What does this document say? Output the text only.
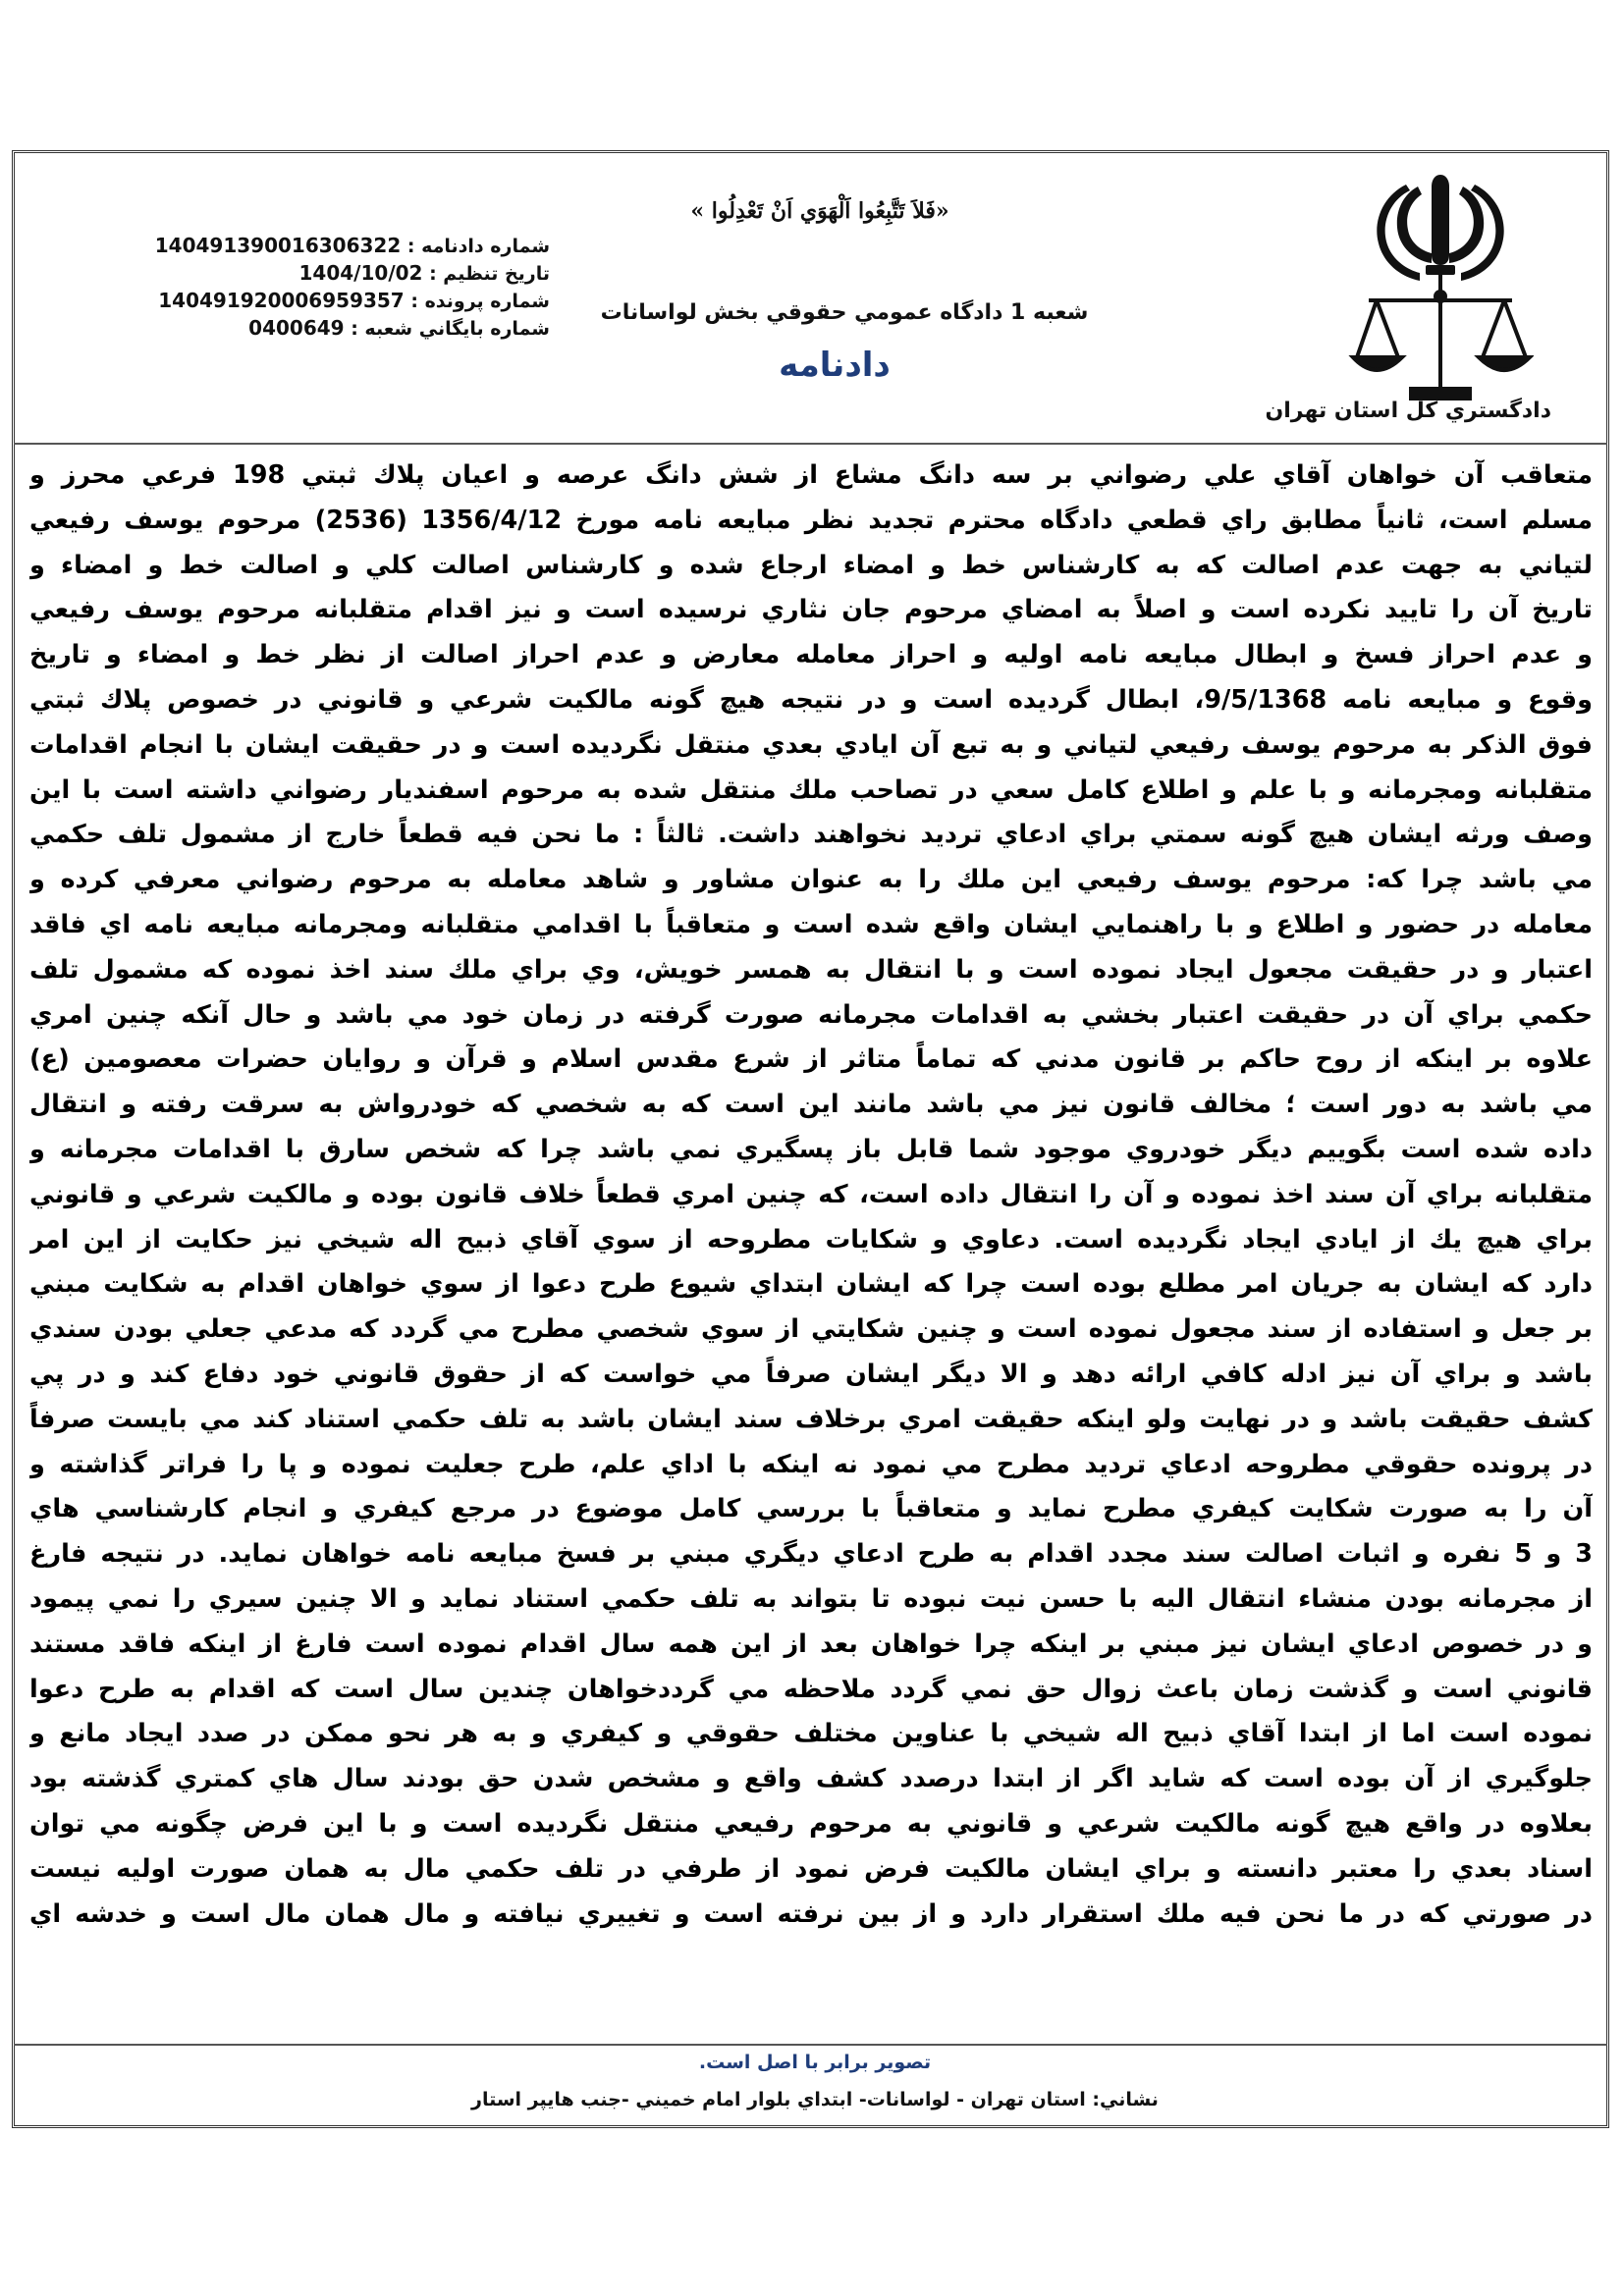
دادگستري كل استان تهران
«فَلاَ تَتَّبِعُوا اَلْهَوَي اَنْ تَعْدِلُوا »
شعبه 1 دادگاه عمومي حقوقي بخش لواسانات
دادنامه
شماره دادنامه : 140491390016306322
تاريخ تنظيم : 1404/10/02
شماره پرونده : 140491920006959357
شماره بايگاني شعبه : 0400649
متعاقب آن خواهان آقاي علي رضواني بر سه دانگ مشاع از شش دانگ عرصه و اعيان پلاك ثبتي 198 فرعي محرز و
مسلم است، ثانياً مطابق راي قطعي دادگاه محترم تجديد نظر مبايعه نامه مورخ 1356/4/12 (2536) مرحوم يوسف رفيعي
لتياني به جهت عدم اصالت كه به كارشناس خط و امضاء ارجاع شده و كارشناس اصالت كلي و اصالت خط و امضاء و
تاريخ آن را تاييد نكرده است و اصلاً به امضاي مرحوم جان نثاري نرسيده است و نيز اقدام متقلبانه مرحوم يوسف رفيعي
و عدم احراز فسخ و ابطال مبايعه نامه اوليه و احراز معامله معارض و عدم احراز اصالت از نظر خط و امضاء و تاريخ
وقوع و مبايعه نامه 9/5/1368، ابطال گرديده است و در نتيجه هيچ گونه مالكيت شرعي و قانوني در خصوص پلاك ثبتي
فوق الذكر به مرحوم يوسف رفيعي لتياني و به تبع آن ايادي بعدي منتقل نگرديده است و در حقيقت ايشان با انجام اقدامات
متقلبانه ومجرمانه و با علم و اطلاع كامل سعي در تصاحب ملك منتقل شده به مرحوم اسفنديار رضواني داشته است با اين
وصف ورثه ايشان هيچ گونه سمتي براي ادعاي ترديد نخواهند داشت. ثالثاً : ما نحن فيه قطعاً خارج از مشمول تلف حكمي
مي باشد چرا كه: مرحوم يوسف رفيعي اين ملك را به عنوان مشاور و شاهد معامله به مرحوم رضواني معرفي كرده و
معامله در حضور و اطلاع و با راهنمايي ايشان واقع شده است و متعاقباً با اقدامي متقلبانه ومجرمانه مبايعه نامه اي فاقد
اعتبار و در حقيقت مجعول ايجاد نموده است و با انتقال به همسر خويش، وي براي ملك سند اخذ نموده كه مشمول تلف
حكمي براي آن در حقيقت اعتبار بخشي به اقدامات مجرمانه صورت گرفته در زمان خود مي باشد و حال آنكه چنين امري
علاوه بر اينكه از روح حاكم بر قانون مدني كه تماماً متاثر از شرع مقدس اسلام و قرآن و روايان حضرات معصومين (ع)
مي باشد به دور است ؛ مخالف قانون نيز مي باشد مانند اين است كه به شخصي كه خودرواش به سرقت رفته و انتقال
داده شده است بگوييم ديگر خودروي موجود شما قابل باز پسگيري نمي باشد چرا كه شخص سارق با اقدامات مجرمانه و
متقلبانه براي آن سند اخذ نموده و آن را انتقال داده است، كه چنين امري قطعاً خلاف قانون بوده و مالكيت شرعي و قانوني
براي هيچ يك از ايادي ايجاد نگرديده است. دعاوي و شكايات مطروحه از سوي آقاي ذبيح اله شيخي نيز حكايت از اين امر
دارد كه ايشان به جريان امر مطلع بوده است چرا كه ايشان ابتداي شيوع طرح دعوا از سوي خواهان اقدام به شكايت مبني
بر جعل و استفاده از سند مجعول نموده است و چنين شكايتي از سوي شخصي مطرح مي گردد كه مدعي جعلي بودن سندي
باشد و براي آن نيز ادله كافي ارائه دهد و الا ديگر ايشان صرفاً مي خواست كه از حقوق قانوني خود دفاع كند و در پي
كشف حقيقت باشد و در نهايت ولو اينكه حقيقت امري برخلاف سند ايشان باشد به تلف حكمي استناد كند مي بايست صرفاً
در پرونده حقوقي مطروحه ادعاي ترديد مطرح مي نمود نه اينكه با اداي علم، طرح جعليت نموده و پا را فراتر گذاشته و
آن را به صورت شكايت كيفري مطرح نمايد و متعاقباً با بررسي كامل موضوع در مرجع كيفري و انجام كارشناسي هاي
3 و 5 نفره و اثبات اصالت سند مجدد اقدام به طرح ادعاي ديگري مبني بر فسخ مبايعه نامه خواهان نمايد. در نتيجه فارغ
از مجرمانه بودن منشاء انتقال اليه با حسن نيت نبوده تا بتواند به تلف حكمي استناد نمايد و الا چنين سيري را نمي پيمود
و در خصوص ادعاي ايشان نيز مبني بر اينكه چرا خواهان بعد از اين همه سال اقدام نموده است فارغ از اينكه فاقد مستند
قانوني است و گذشت زمان باعث زوال حق نمي گردد ملاحظه مي گرددخواهان چندين سال است كه اقدام به طرح دعوا
نموده است اما از ابتدا آقاي ذبيح اله شيخي با عناوين مختلف حقوقي و كيفري و به هر نحو ممكن در صدد ايجاد مانع و
جلوگيري از آن بوده است كه شايد اگر از ابتدا درصدد كشف واقع و مشخص شدن حق بودند سال هاي كمتري گذشته بود
بعلاوه در واقع هيچ گونه مالكيت شرعي و قانوني به مرحوم رفيعي منتقل نگرديده است و با اين فرض چگونه مي توان
اسناد بعدي را معتبر دانسته و براي ايشان مالكيت فرض نمود از طرفي در تلف حكمي مال به همان صورت اوليه نيست
در صورتي كه در ما نحن فيه ملك استقرار دارد و از بين نرفته است و تغييري نيافته و مال همان مال است و خدشه اي
تصوير برابر با اصل است.
نشاني: استان تهران - لواسانات- ابتداي بلوار امام خميني -جنب هايپر استار
